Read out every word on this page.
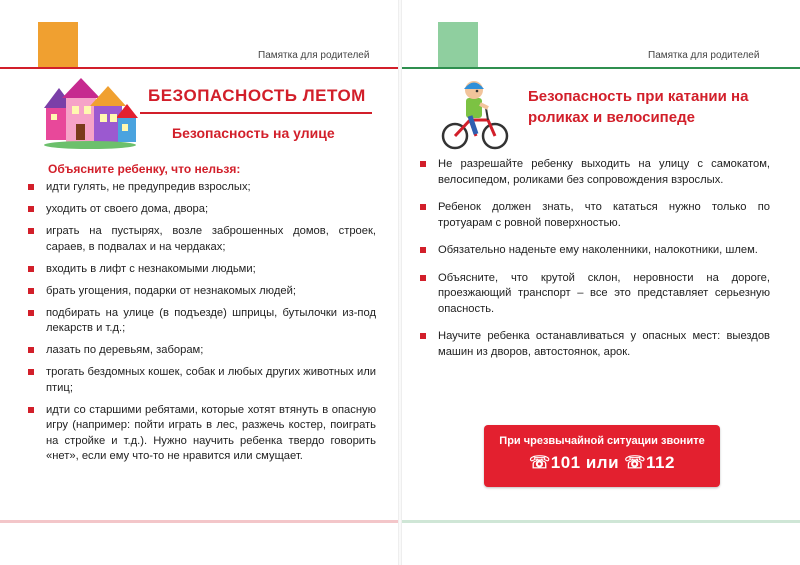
Памятка для родителей	Памятка для родителей
БЕЗОПАСНОСТЬ ЛЕТОМ
Безопасность на улице
Объясните ребенку, что нельзя:
идти гулять, не предупредив взрослых;
уходить от своего дома, двора;
играть на пустырях, возле заброшенных домов, строек, сараев, в подвалах и на чердаках;
входить в лифт с незнакомыми людьми;
брать угощения, подарки от незнакомых людей;
подбирать на улице (в подъезде) шприцы, бутылочки из-под лекарств и т.д.;
лазать по деревьям, заборам;
трогать бездомных кошек, собак и любых других животных или птиц;
идти со старшими ребятами, которые хотят втянуть в опасную игру (например: пойти играть в лес, разжечь костер, поиграть на стройке и т.д.). Нужно научить ребенка твердо говорить «нет», если ему что-то не нравится или смущает.
Безопасность при катании на роликах и велосипеде
Не разрешайте ребенку выходить на улицу с самокатом, велосипедом, роликами без сопровождения взрослых.
Ребенок должен знать, что кататься нужно только по тротуарам с ровной поверхностью.
Обязательно наденьте ему наколенники, налокотники, шлем.
Объясните, что крутой склон, неровности на дороге, проезжающий транспорт – все это представляет серьезную опасность.
Научите ребенка останавливаться у опасных мест: выездов машин из дворов, автостоянок, арок.
При чрезвычайной ситуации звоните
☏101 или ☏112
